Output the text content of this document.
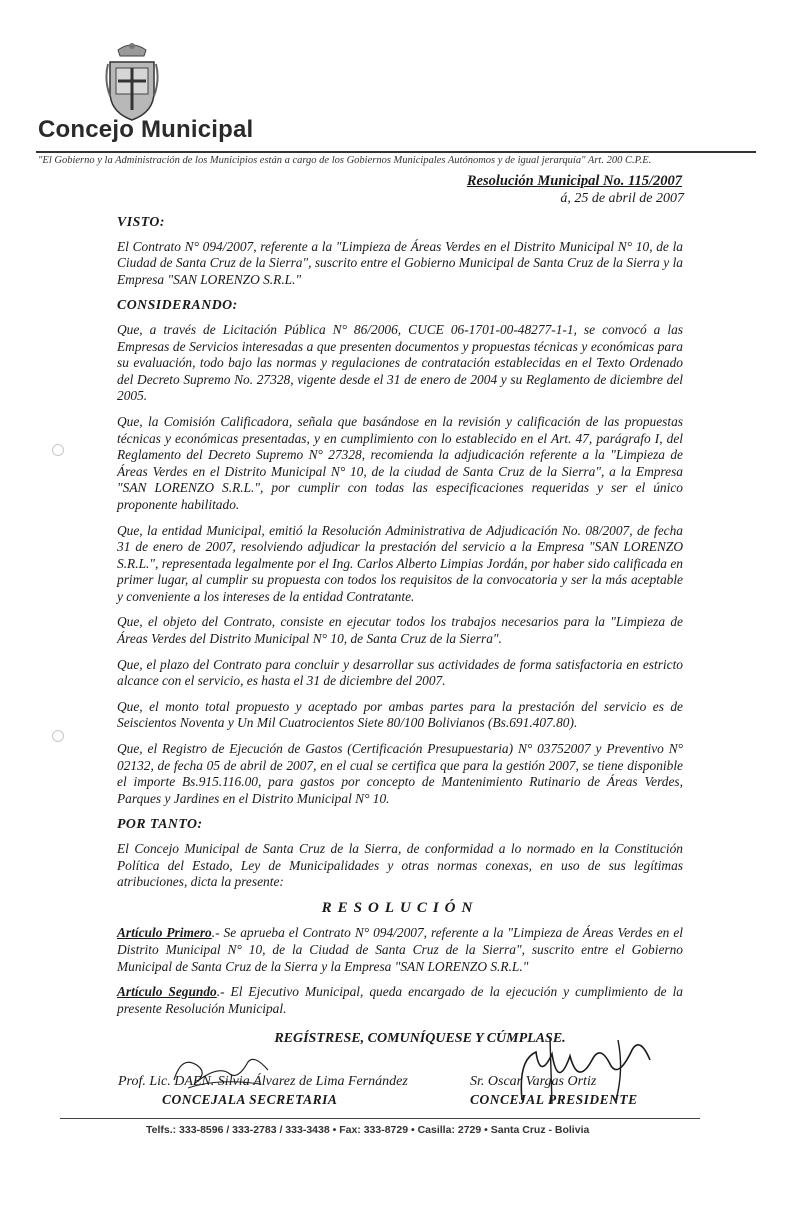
Concejo Municipal
"El Gobierno y la Administración de los Municipios están a cargo de los Gobiernos Municipales Autónomos y de igual jerarquía" Art. 200 C.P.E.
Resolución Municipal No. 115/2007
á, 25 de abril de 2007
VISTO:

El Contrato N° 094/2007, referente a la "Limpieza de Áreas Verdes en el Distrito Municipal N° 10, de la Ciudad de Santa Cruz de la Sierra", suscrito entre el Gobierno Municipal de Santa Cruz de la Sierra y la Empresa "SAN LORENZO S.R.L."

CONSIDERANDO:

Que, a través de Licitación Pública N° 86/2006, CUCE 06-1701-00-48277-1-1, se convocó a las Empresas de Servicios interesadas a que presenten documentos y propuestas técnicas y económicas para su evaluación, todo bajo las normas y regulaciones de contratación establecidas en el Texto Ordenado del Decreto Supremo No. 27328, vigente desde el 31 de enero de 2004 y su Reglamento de diciembre del 2005.

Que, la Comisión Calificadora, señala que basándose en la revisión y calificación de las propuestas técnicas y económicas presentadas, y en cumplimiento con lo establecido en el Art. 47, parágrafo I, del Reglamento del Decreto Supremo N° 27328, recomienda la adjudicación referente a la "Limpieza de Áreas Verdes en el Distrito Municipal N° 10, de la ciudad de Santa Cruz de la Sierra", a la Empresa "SAN LORENZO S.R.L.", por cumplir con todas las especificaciones requeridas y ser el único proponente habilitado.

Que, la entidad Municipal, emitió la Resolución Administrativa de Adjudicación No. 08/2007, de fecha 31 de enero de 2007, resolviendo adjudicar la prestación del servicio a la Empresa "SAN LORENZO S.R.L.", representada legalmente por el Ing. Carlos Alberto Limpias Jordán, por haber sido calificada en primer lugar, al cumplir su propuesta con todos los requisitos de la convocatoria y ser la más aceptable y conveniente a los intereses de la entidad Contratante.

Que, el objeto del Contrato, consiste en ejecutar todos los trabajos necesarios para la "Limpieza de Áreas Verdes del Distrito Municipal N° 10, de Santa Cruz de la Sierra".

Que, el plazo del Contrato para concluir y desarrollar sus actividades de forma satisfactoria en estricto alcance con el servicio, es hasta el 31 de diciembre del 2007.

Que, el monto total propuesto y aceptado por ambas partes para la prestación del servicio es de Seiscientos Noventa y Un Mil Cuatrocientos Siete 80/100 Bolivianos (Bs.691.407.80).

Que, el Registro de Ejecución de Gastos (Certificación Presupuestaria) N° 03752007 y Preventivo N° 02132, de fecha 05 de abril de 2007, en el cual se certifica que para la gestión 2007, se tiene disponible el importe Bs.915.116.00, para gastos por concepto de Mantenimiento Rutinario de Áreas Verdes, Parques y Jardines en el Distrito Municipal N° 10.

POR TANTO:

El Concejo Municipal de Santa Cruz de la Sierra, de conformidad a lo normado en la Constitución Política del Estado, Ley de Municipalidades y otras normas conexas, en uso de sus legítimas atribuciones, dicta la presente:

RESOLUCIÓN

Artículo Primero.- Se aprueba el Contrato N° 094/2007, referente a la "Limpieza de Áreas Verdes en el Distrito Municipal N° 10, de la Ciudad de Santa Cruz de la Sierra", suscrito entre el Gobierno Municipal de Santa Cruz de la Sierra y la Empresa "SAN LORENZO S.R.L."

Artículo Segundo.- El Ejecutivo Municipal, queda encargado de la ejecución y cumplimiento de la presente Resolución Municipal.

REGÍSTRESE, COMUNÍQUESE Y CÚMPLASE.
Prof. Lic. DAEN. Silvia Álvarez de Lima Fernández
CONCEJALA SECRETARIA
Sr. Oscar Vargas Ortiz
CONCEJAL PRESIDENTE
Telfs.: 333-8596 / 333-2783 / 333-3438 • Fax: 333-8729 • Casilla: 2729 • Santa Cruz - Bolivia
